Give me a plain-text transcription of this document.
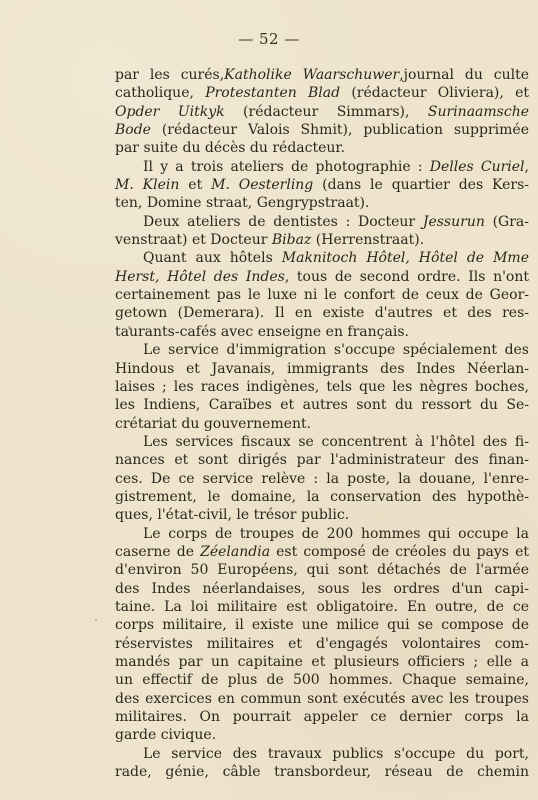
— 52 —
par les curés,Katholike Waarschuwer,journal du culte
catholique, Protestanten Blad (rédacteur Oliviera), et
Opder Uitkyk (rédacteur Simmars), Surinaamsche
Bode (rédacteur Valois Shmit), publication supprimée
par suite du décès du rédacteur.
Il y a trois ateliers de photographie : Delles Curiel,
M. Klein et M. Oesterling (dans le quartier des Kers-
ten, Domine straat, Gengrypstraat).
Deux ateliers de dentistes : Docteur Jessurun (Gra-
venstraat) et Docteur Bibaz (Herrenstraat).
Quant aux hôtels Maknitoch Hôtel, Hôtel de Mme
Herst, Hôtel des Indes, tous de second ordre. Ils n'ont
certainement pas le luxe ni le confort de ceux de Geor-
getown (Demerara). Il en existe d'autres et des res-
taurants-cafés avec enseigne en français.
Le service d'immigration s'occupe spécialement des
Hindous et Javanais, immigrants des Indes Néerlan-
laises ; les races indigènes, tels que les nègres boches,
les Indiens, Caraïbes et autres sont du ressort du Se-
crétariat du gouvernement.
Les services fiscaux se concentrent à l'hôtel des fi-
nances et sont dirigés par l'administrateur des finan-
ces. De ce service relève : la poste, la douane, l'enre-
gistrement, le domaine, la conservation des hypothè-
ques, l'état-civil, le trésor public.
Le corps de troupes de 200 hommes qui occupe la
caserne de Zéelandia est composé de créoles du pays et
d'environ 50 Européens, qui sont détachés de l'armée
des Indes néerlandaises, sous les ordres d'un capi-
taine. La loi militaire est obligatoire. En outre, de ce
corps militaire, il existe une milice qui se compose de
réservistes militaires et d'engagés volontaires com-
mandés par un capitaine et plusieurs officiers ; elle a
un effectif de plus de 500 hommes. Chaque semaine,
des exercices en commun sont exécutés avec les troupes
militaires. On pourrait appeler ce dernier corps la
garde civique.
Le service des travaux publics s'occupe du port,
rade, génie, câble transbordeur, réseau de chemin
